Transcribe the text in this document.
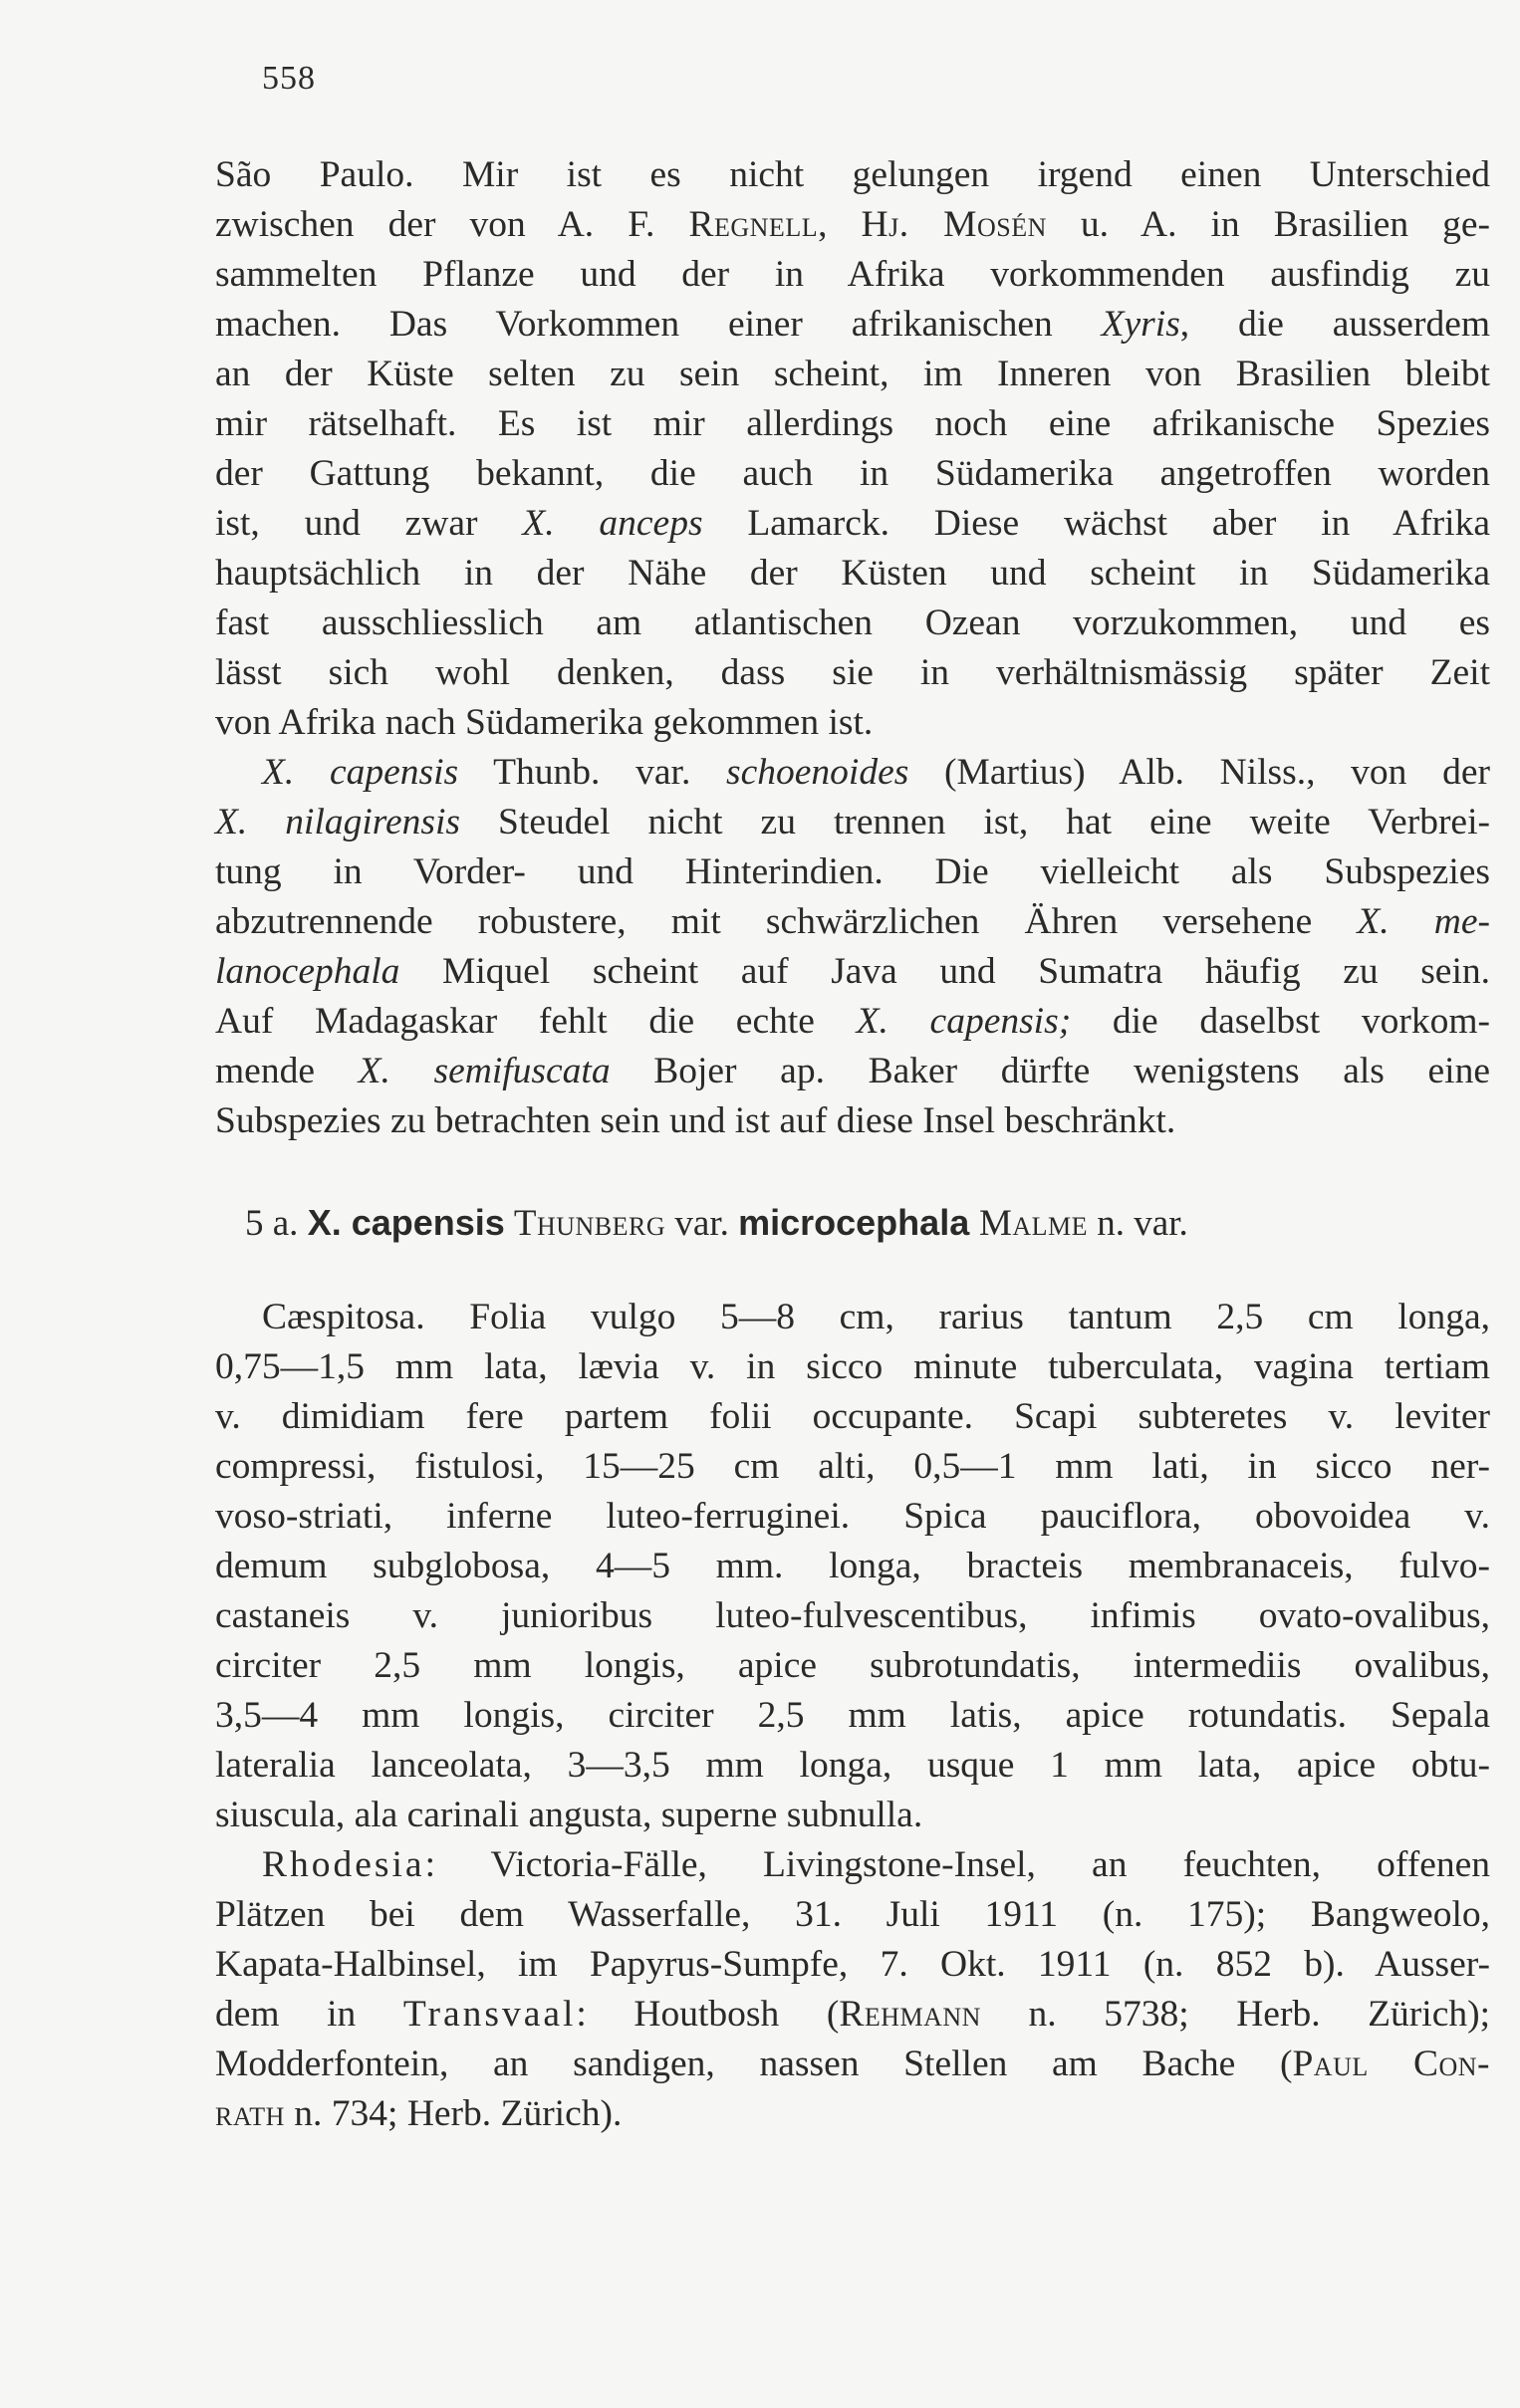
558
São Paulo. Mir ist es nicht gelungen irgend einen Unterschied
zwischen der von A. F. Regnell, Hj. Mosén u. A. in Brasilien ge-
sammelten Pflanze und der in Afrika vorkommenden ausfindig zu
machen. Das Vorkommen einer afrikanischen Xyris, die ausserdem
an der Küste selten zu sein scheint, im Inneren von Brasilien bleibt
mir rätselhaft. Es ist mir allerdings noch eine afrikanische Spezies
der Gattung bekannt, die auch in Südamerika angetroffen worden
ist, und zwar X. anceps Lamarck. Diese wächst aber in Afrika
hauptsächlich in der Nähe der Küsten und scheint in Südamerika
fast ausschliesslich am atlantischen Ozean vorzukommen, und es
lässt sich wohl denken, dass sie in verhältnismässig später Zeit
von Afrika nach Südamerika gekommen ist.
X. capensis Thunb. var. schoenoides (Martius) Alb. Nilss., von der
X. nilagirensis Steudel nicht zu trennen ist, hat eine weite Verbrei-
tung in Vorder- und Hinterindien. Die vielleicht als Subspezies
abzutrennende robustere, mit schwärzlichen Ähren versehene X. me-
lanocephala Miquel scheint auf Java und Sumatra häufig zu sein.
Auf Madagaskar fehlt die echte X. capensis; die daselbst vorkom-
mende X. semifuscata Bojer ap. Baker dürfte wenigstens als eine
Subspezies zu betrachten sein und ist auf diese Insel beschränkt.
5 a. X. capensis Thunberg var. microcephala Malme n. var.
Cæspitosa. Folia vulgo 5—8 cm, rarius tantum 2,5 cm longa,
0,75—1,5 mm lata, lævia v. in sicco minute tuberculata, vagina tertiam
v. dimidiam fere partem folii occupante. Scapi subteretes v. leviter
compressi, fistulosi, 15—25 cm alti, 0,5—1 mm lati, in sicco ner-
voso-striati, inferne luteo-ferruginei. Spica pauciflora, obovoidea v.
demum subglobosa, 4—5 mm. longa, bracteis membranaceis, fulvo-
castaneis v. junioribus luteo-fulvescentibus, infimis ovato-ovalibus,
circiter 2,5 mm longis, apice subrotundatis, intermediis ovalibus,
3,5—4 mm longis, circiter 2,5 mm latis, apice rotundatis. Sepala
lateralia lanceolata, 3—3,5 mm longa, usque 1 mm lata, apice obtu-
siuscula, ala carinali angusta, superne subnulla.
Rhodesia: Victoria-Fälle, Livingstone-Insel, an feuchten, offenen
Plätzen bei dem Wasserfalle, 31. Juli 1911 (n. 175); Bangweolo,
Kapata-Halbinsel, im Papyrus-Sumpfe, 7. Okt. 1911 (n. 852 b). Ausser-
dem in Transvaal: Houtbosh (Rehmann n. 5738; Herb. Zürich);
Modderfontein, an sandigen, nassen Stellen am Bache (Paul Con-
rath n. 734; Herb. Zürich).
